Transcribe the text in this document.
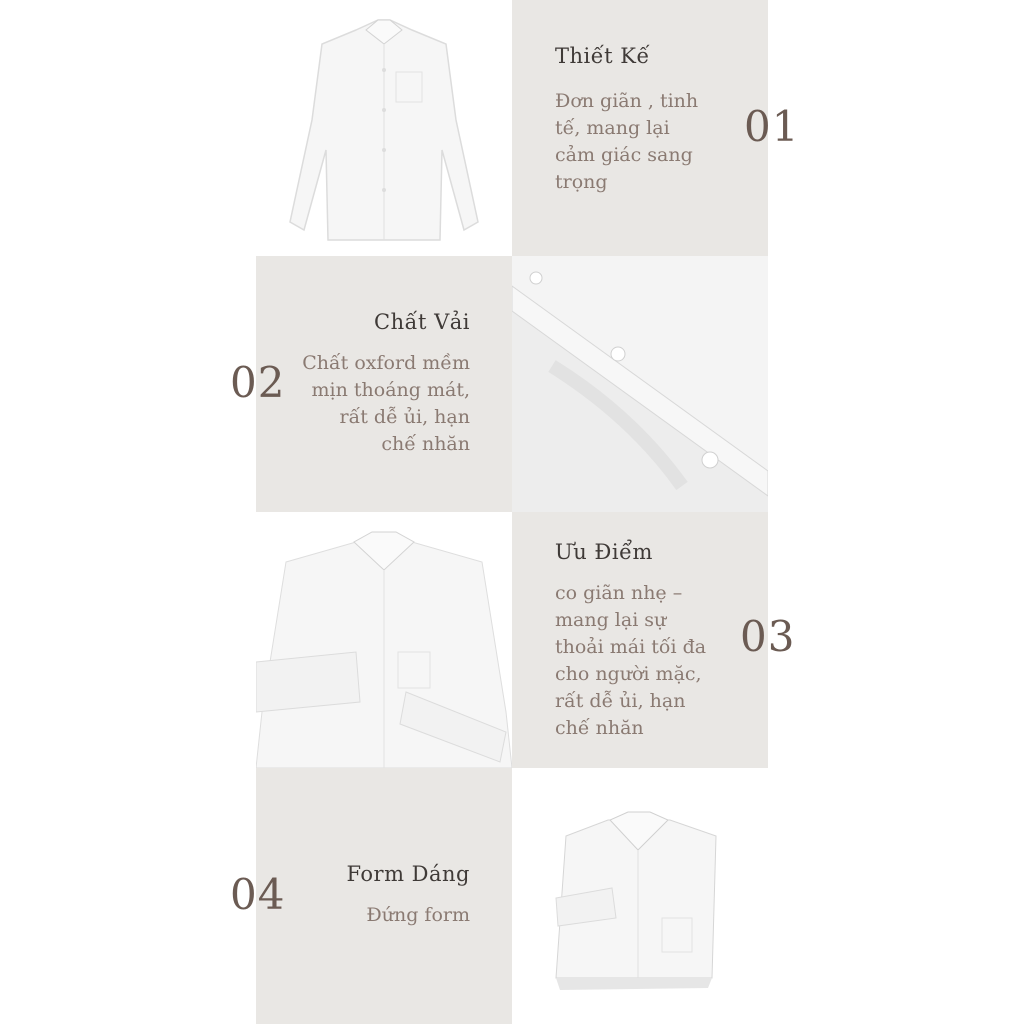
Thiết Kế
Đơn giãn , tinh tế, mang lại cảm giác sang trọng
01
Chất Vải
Chất oxford mềm mịn thoáng mát, rất dễ ủi, hạn chế nhăn
02
Ưu Điểm
co giãn nhẹ – mang lại sự thoải mái tối đa cho người mặc, rất dễ ủi, hạn chế nhăn
03
Form Dáng
Đứng form
04
